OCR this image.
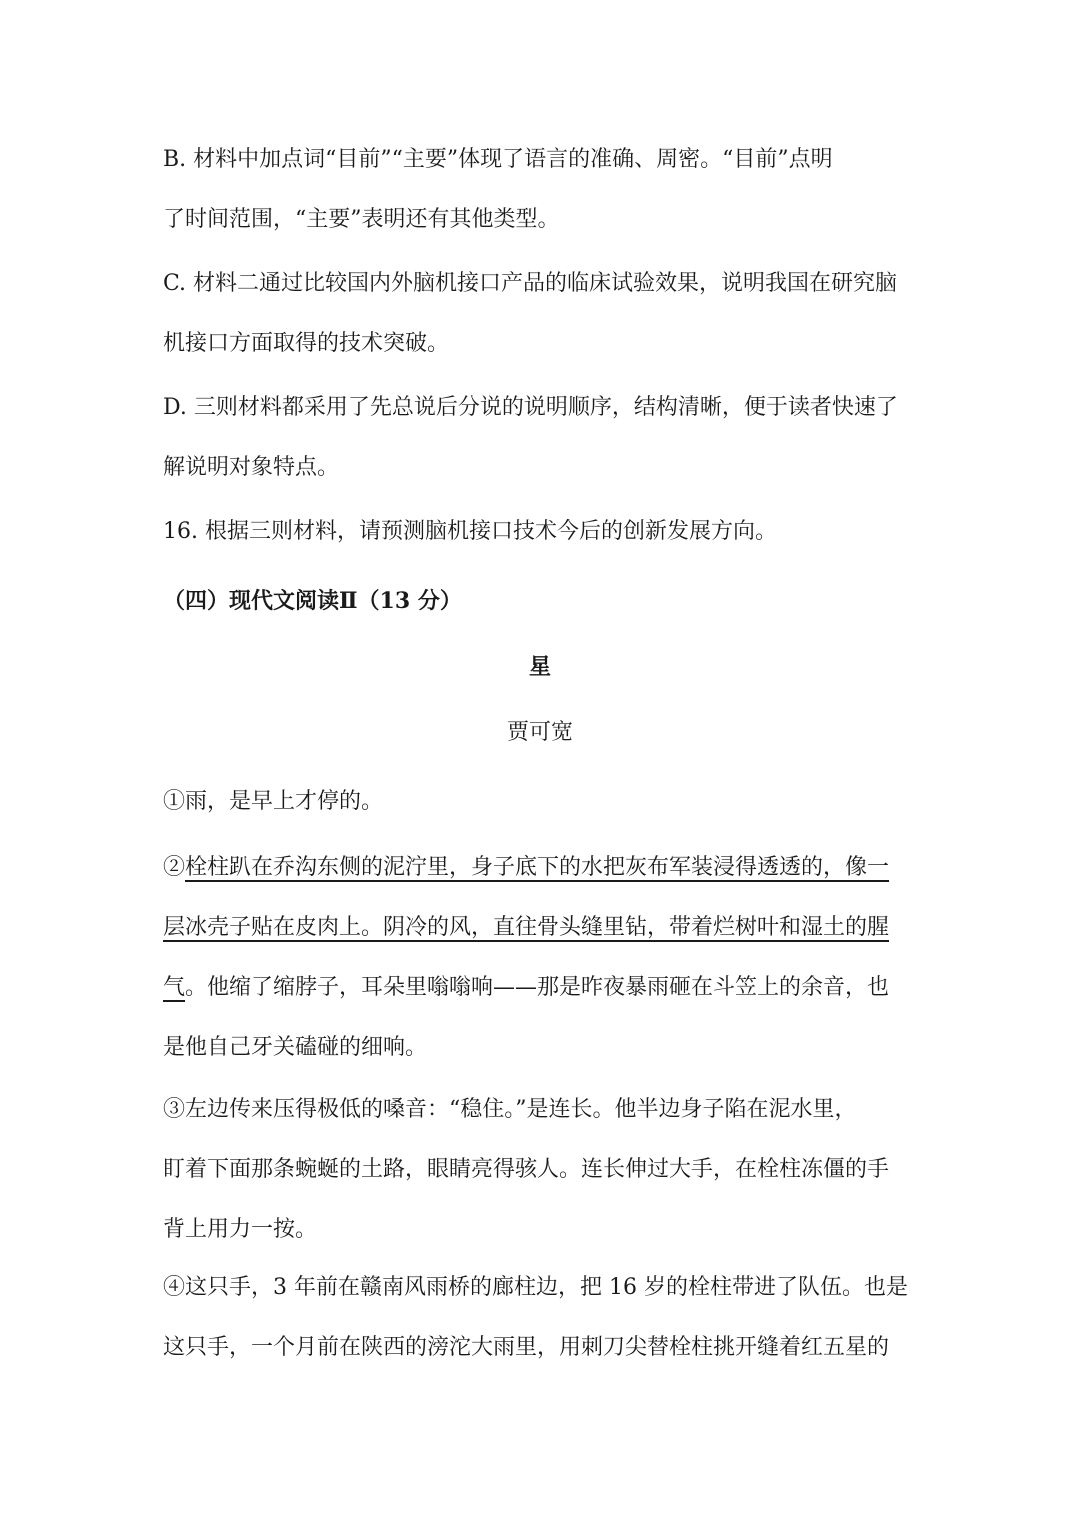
B. 材料中加点词“目前”“主要”体现了语言的准确、周密。“目前”点明
了时间范围，“主要”表明还有其他类型。

C. 材料二通过比较国内外脑机接口产品的临床试验效果，说明我国在研究脑
机接口方面取得的技术突破。

D. 三则材料都采用了先总说后分说的说明顺序，结构清晰，便于读者快速了
解说明对象特点。

16. 根据三则材料，请预测脑机接口技术今后的创新发展方向。

（四）现代文阅读Ⅱ（13 分）
星
贾可宽

①雨，是早上才停的。

②栓柱趴在乔沟东侧的泥泞里，身子底下的水把灰布军装浸得透透的，像一
层冰壳子贴在皮肉上。阴冷的风，直往骨头缝里钻，带着烂树叶和湿土的腥
气。他缩了缩脖子，耳朵里嗡嗡响——那是昨夜暴雨砸在斗笠上的余音，也
是他自己牙关磕碰的细响。

③左边传来压得极低的嗓音：“稳住。”是连长。他半边身子陷在泥水里，
盯着下面那条蜿蜒的土路，眼睛亮得骇人。连长伸过大手，在栓柱冻僵的手
背上用力一按。

④这只手，3 年前在赣南风雨桥的廊柱边，把 16 岁的栓柱带进了队伍。也是
这只手，一个月前在陕西的滂沱大雨里，用刺刀尖替栓柱挑开缝着红五星的
